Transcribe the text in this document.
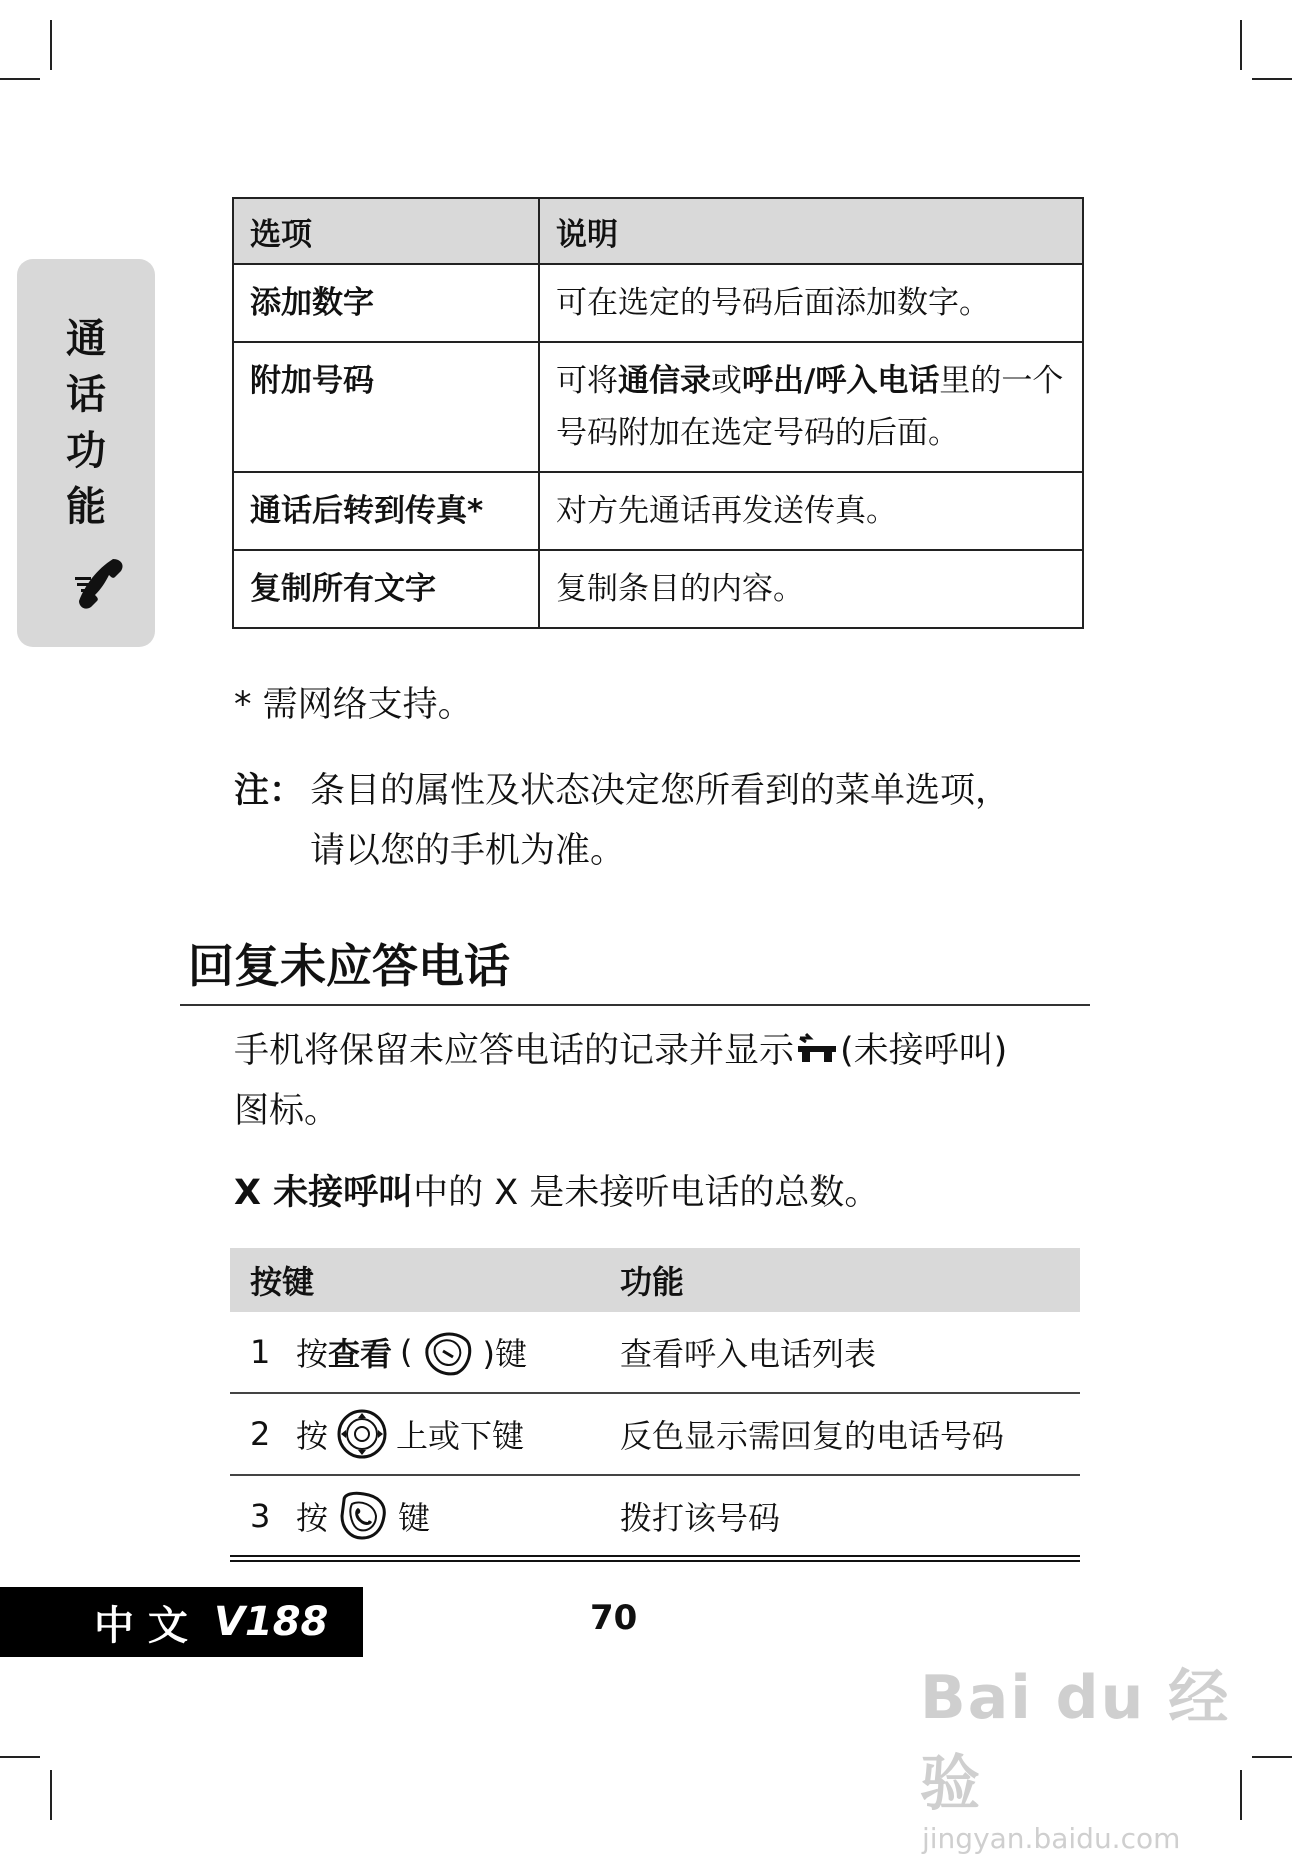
通
话
功
能
选项	说明
添加数字	可在选定的号码后面添加数字。
附加号码	可将通信录或呼出/呼入电话里的一个号码附加在选定号码的后面。
通话后转到传真*	对方先通话再发送传真。
复制所有文字	复制条目的内容。
* 需网络支持。
注： 条目的属性及状态决定您所看到的菜单选项，
请以您的手机为准。
回复未应答电话
手机将保留未应答电话的记录并显示 (未接呼叫)
图标。
X 未接呼叫中的 X 是未接听电话的总数。
按键	功能
1 按 查看 ( )键	查看呼入电话列表
2 按 上或下键	反色显示需回复的电话号码
3 按 键	拨打该号码
中 文 V188	70
Bai du 经验
jingyan.baidu.com
